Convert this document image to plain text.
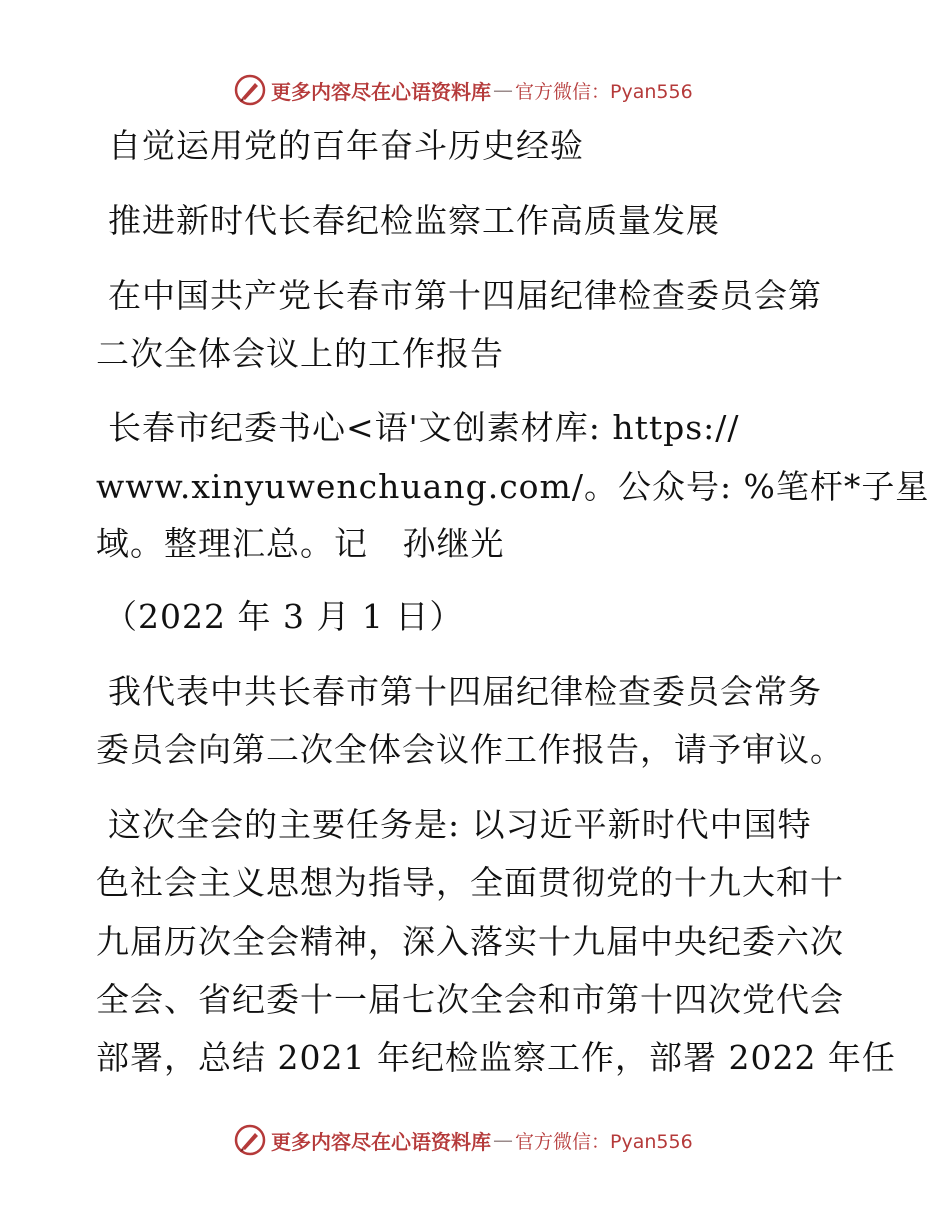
更多内容尽在心语资料库 — 官方微信：Pyan556
自觉运用党的百年奋斗历史经验
推进新时代长春纪检监察工作高质量发展
在中国共产党长春市第十四届纪律检查委员会第
二次全体会议上的工作报告
长春市纪委书心<语'文创素材库: https://
www.xinyuwenchuang.com/。公众号: %笔杆*子星
域。整理汇总。记   孙继光
（2022 年 3 月 1 日）
我代表中共长春市第十四届纪律检查委员会常务
委员会向第二次全体会议作工作报告，请予审议。
这次全会的主要任务是: 以习近平新时代中国特
色社会主义思想为指导，全面贯彻党的十九大和十
九届历次全会精神，深入落实十九届中央纪委六次
全会、省纪委十一届七次全会和市第十四次党代会
部署，总结 2021 年纪检监察工作，部署 2022 年任
更多内容尽在心语资料库 — 官方微信：Pyan556
